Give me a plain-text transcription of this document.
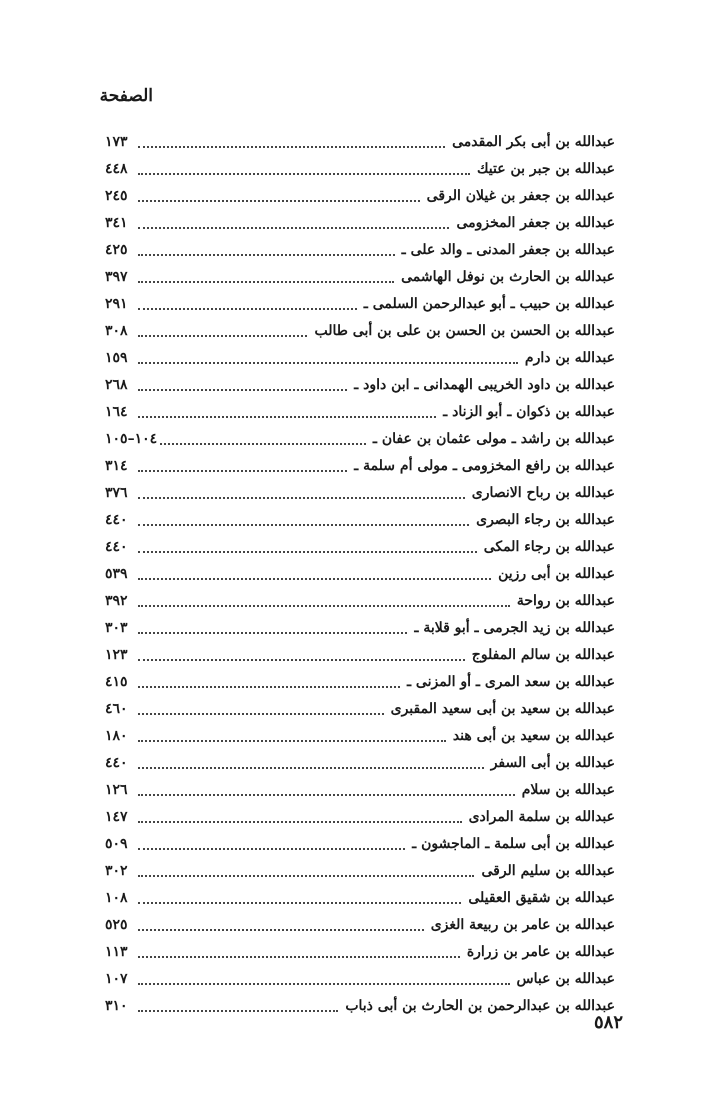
الصفحة
عبدالله بن أبى بكر المقدمى
١٧٣
عبدالله بن جبر بن عتيك
٤٤٨
عبدالله بن جعفر بن غيلان الرقى
٢٤٥
عبدالله بن جعفر المخزومى
٣٤١
عبدالله بن جعفر المدنى ـ والد على ـ
٤٢٥
عبدالله بن الحارث بن نوفل الهاشمى
٣٩٧
عبدالله بن حبيب ـ أبو عبدالرحمن السلمى ـ
٢٩١
عبدالله بن الحسن بن الحسن بن على بن أبى طالب
٣٠٨
عبدالله بن دارم
١٥٩
عبدالله بن داود الخريبى الهمدانى ـ ابن داود ـ
٢٦٨
عبدالله بن ذكوان ـ أبو الزناد ـ
١٦٤
عبدالله بن راشد ـ مولى عثمان بن عفان ـ
١٠٤–١٠٥
عبدالله بن رافع المخزومى ـ مولى أم سلمة ـ
٣١٤
عبدالله بن رباح الانصارى
٣٧٦
عبدالله بن رجاء البصرى
٤٤٠
عبدالله بن رجاء المكى
٤٤٠
عبدالله بن أبى رزين
٥٣٩
عبدالله بن رواحة
٣٩٢
عبدالله بن زيد الجرمى ـ أبو قلابة ـ
٣٠٣
عبدالله بن سالم المفلوج
١٢٣
عبدالله بن سعد المرى ـ أو المزنى ـ
٤١٥
عبدالله بن سعيد بن أبى سعيد المقبرى
٤٦٠
عبدالله بن سعيد بن أبى هند
١٨٠
عبدالله بن أبى السفر
٤٤٠
عبدالله بن سلام
١٢٦
عبدالله بن سلمة المرادى
١٤٧
عبدالله بن أبى سلمة ـ الماجشون ـ
٥٠٩
عبدالله بن سليم الرقى
٣٠٢
عبدالله بن شقيق العقيلى
١٠٨
عبدالله بن عامر بن ربيعة الغزى
٥٢٥
عبدالله بن عامر بن زرارة
١١٣
عبدالله بن عباس
١٠٧
عبدالله بن عبدالرحمن بن الحارث بن أبى ذباب
٣١٠
٥٨٢
